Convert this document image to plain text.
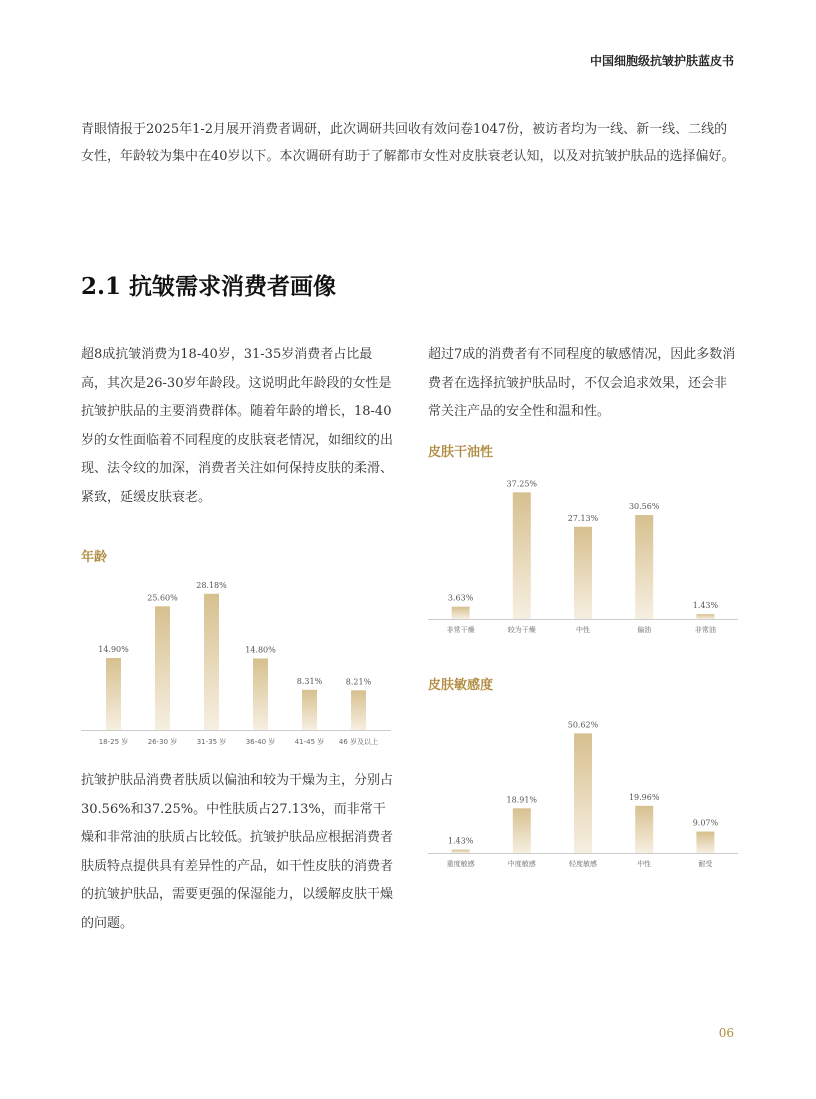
中国细胞级抗皱护肤蓝皮书

青眼情报于2025年1-2月展开消费者调研，此次调研共回收有效问卷1047份，被访者均为一线、新一线、二线的女性，年龄较为集中在40岁以下。本次调研有助于了解都市女性对皮肤衰老认知，以及对抗皱护肤品的选择偏好。

2.1 抗皱需求消费者画像

超8成抗皱消费为18-40岁，31-35岁消费者占比最高，其次是26-30岁年龄段。这说明此年龄段的女性是抗皱护肤品的主要消费群体。随着年龄的增长，18-40岁的女性面临着不同程度的皮肤衰老情况，如细纹的出现、法令纹的加深，消费者关注如何保持皮肤的柔滑、紧致，延缓皮肤衰老。

超过7成的消费者有不同程度的敏感情况，因此多数消费者在选择抗皱护肤品时，不仅会追求效果，还会非常关注产品的安全性和温和性。

皮肤干油性
3.63%
非常干燥
37.25%
较为干燥
27.13%
中性
30.56%
偏油
1.43%
非常油
年龄
14.90%
18-25 岁
25.60%
26-30 岁
28.18%
31-35 岁
14.80%
36-40 岁
8.31%
41-45 岁
8.21%
46 岁及以上
皮肤敏感度
1.43%
重度敏感
18.91%
中度敏感
50.62%
轻度敏感
19.96%
中性
9.07%
耐受

抗皱护肤品消费者肤质以偏油和较为干燥为主，分别占30.56%和37.25%。中性肤质占27.13%，而非常干燥和非常油的肤质占比较低。抗皱护肤品应根据消费者肤质特点提供具有差异性的产品，如干性皮肤的消费者的抗皱护肤品，需要更强的保湿能力，以缓解皮肤干燥的问题。

06
